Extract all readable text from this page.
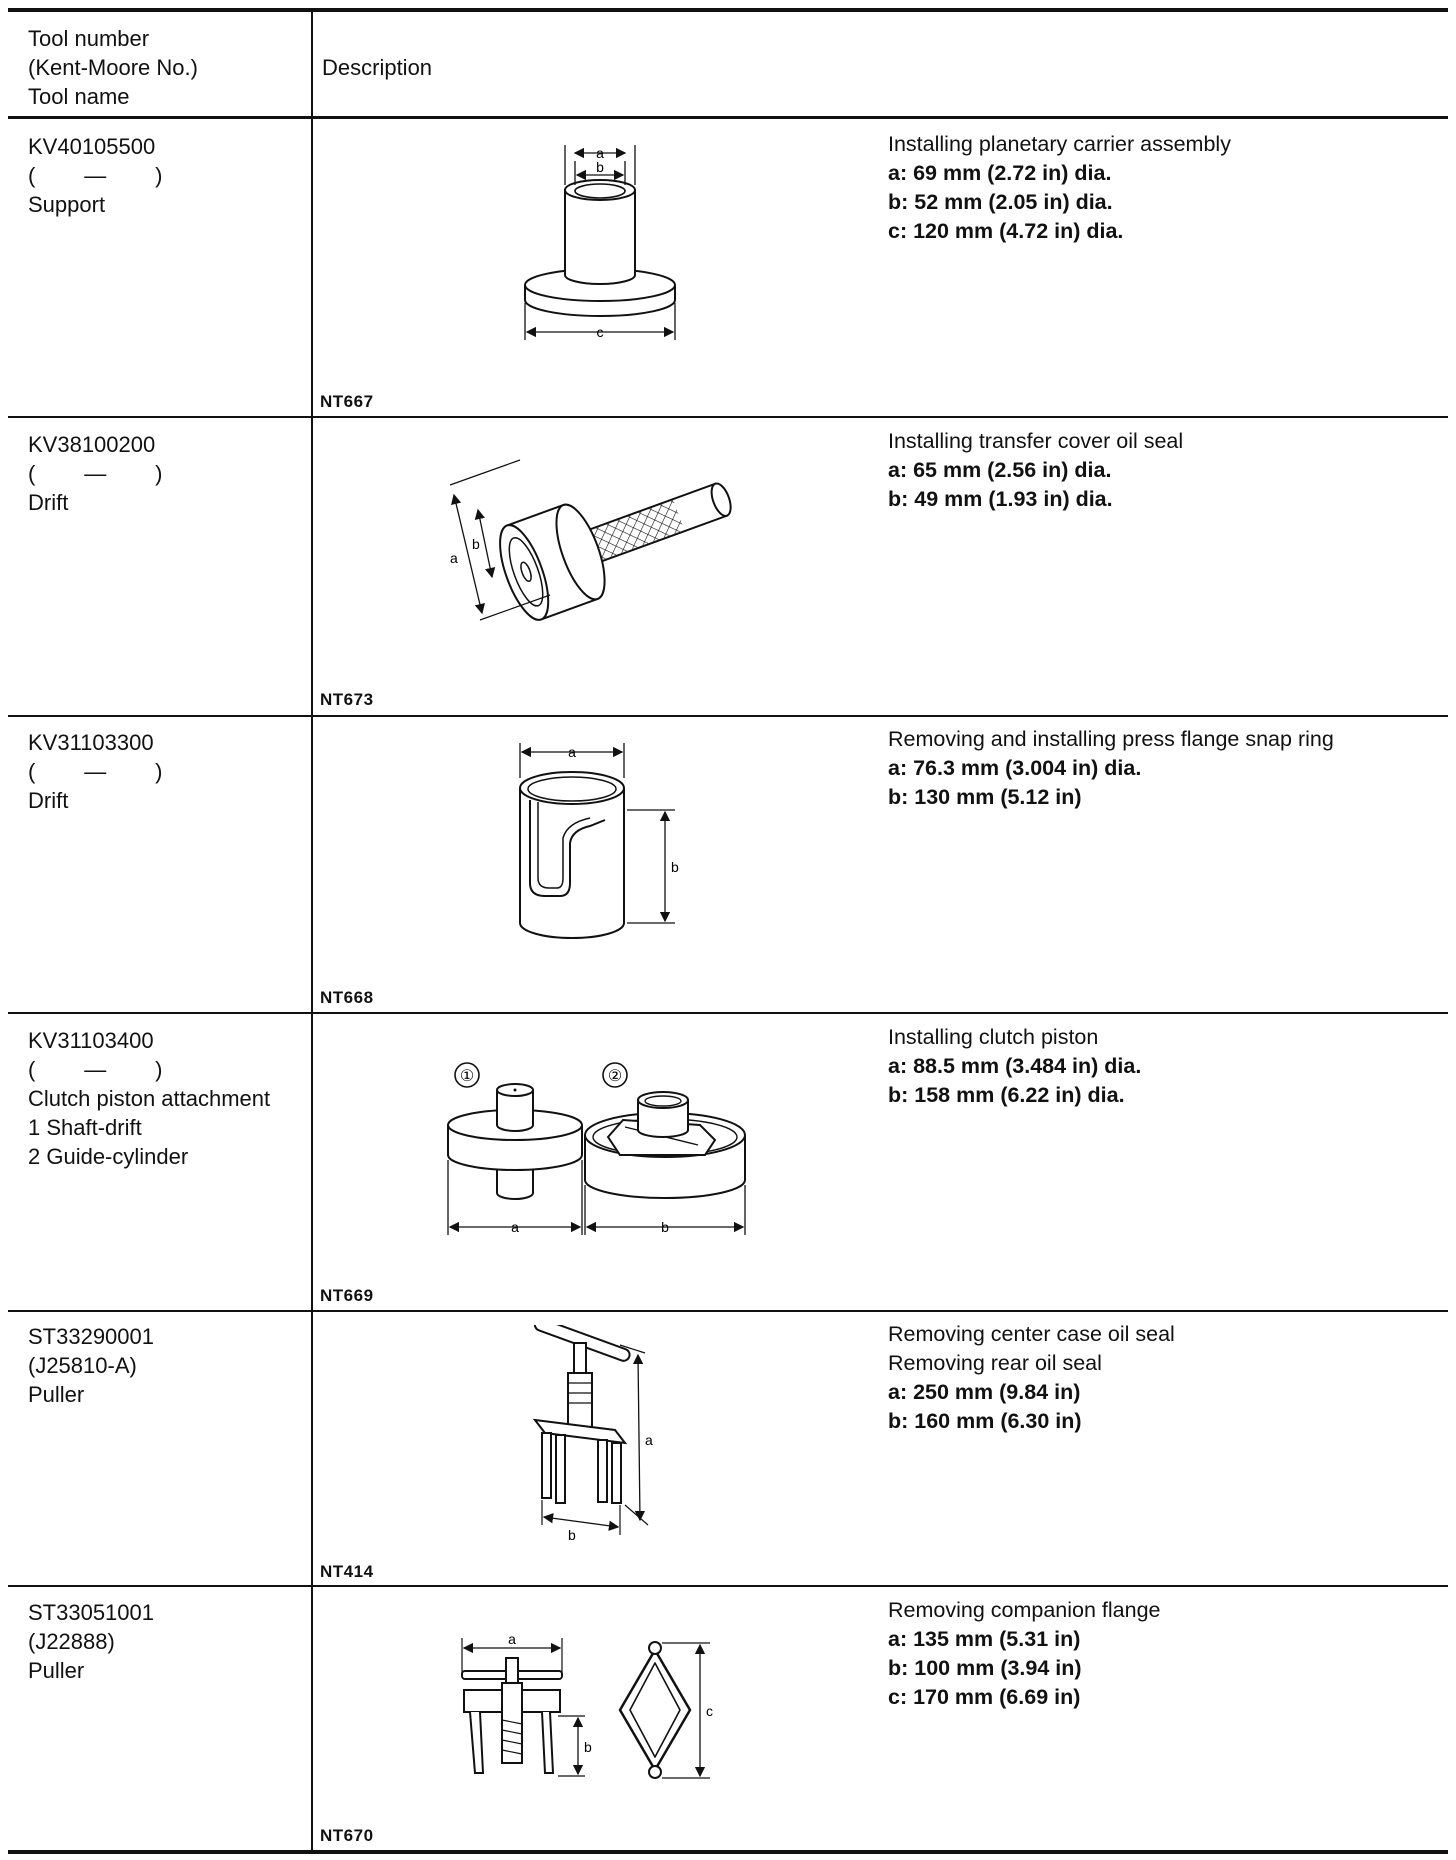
Tool number
(Kent-Moore No.)
Tool name
Description
KV40105500
(        —        )
Support
a
b
c
Installing planetary carrier assembly
a: 69 mm (2.72 in) dia.
b: 52 mm (2.05 in) dia.
c: 120 mm (4.72 in) dia.
NT667
KV38100200
(        —        )
Drift
a
b
Installing transfer cover oil seal
a: 65 mm (2.56 in) dia.
b: 49 mm (1.93 in) dia.
NT673
KV31103300
(        —        )
Drift
a
b
Removing and installing press flange snap ring
a: 76.3 mm (3.004 in) dia.
b: 130 mm (5.12 in)
NT668
KV31103400
(        —        )
Clutch piston attachment
1 Shaft-drift
2 Guide-cylinder
①	②
a	b
Installing clutch piston
a: 88.5 mm (3.484 in) dia.
b: 158 mm (6.22 in) dia.
NT669
ST33290001
(J25810-A)
Puller
a
b
Removing center case oil seal
Removing rear oil seal
a: 250 mm (9.84 in)
b: 160 mm (6.30 in)
NT414
ST33051001
(J22888)
Puller
a
b
c
Removing companion flange
a: 135 mm (5.31 in)
b: 100 mm (3.94 in)
c: 170 mm (6.69 in)
NT670
